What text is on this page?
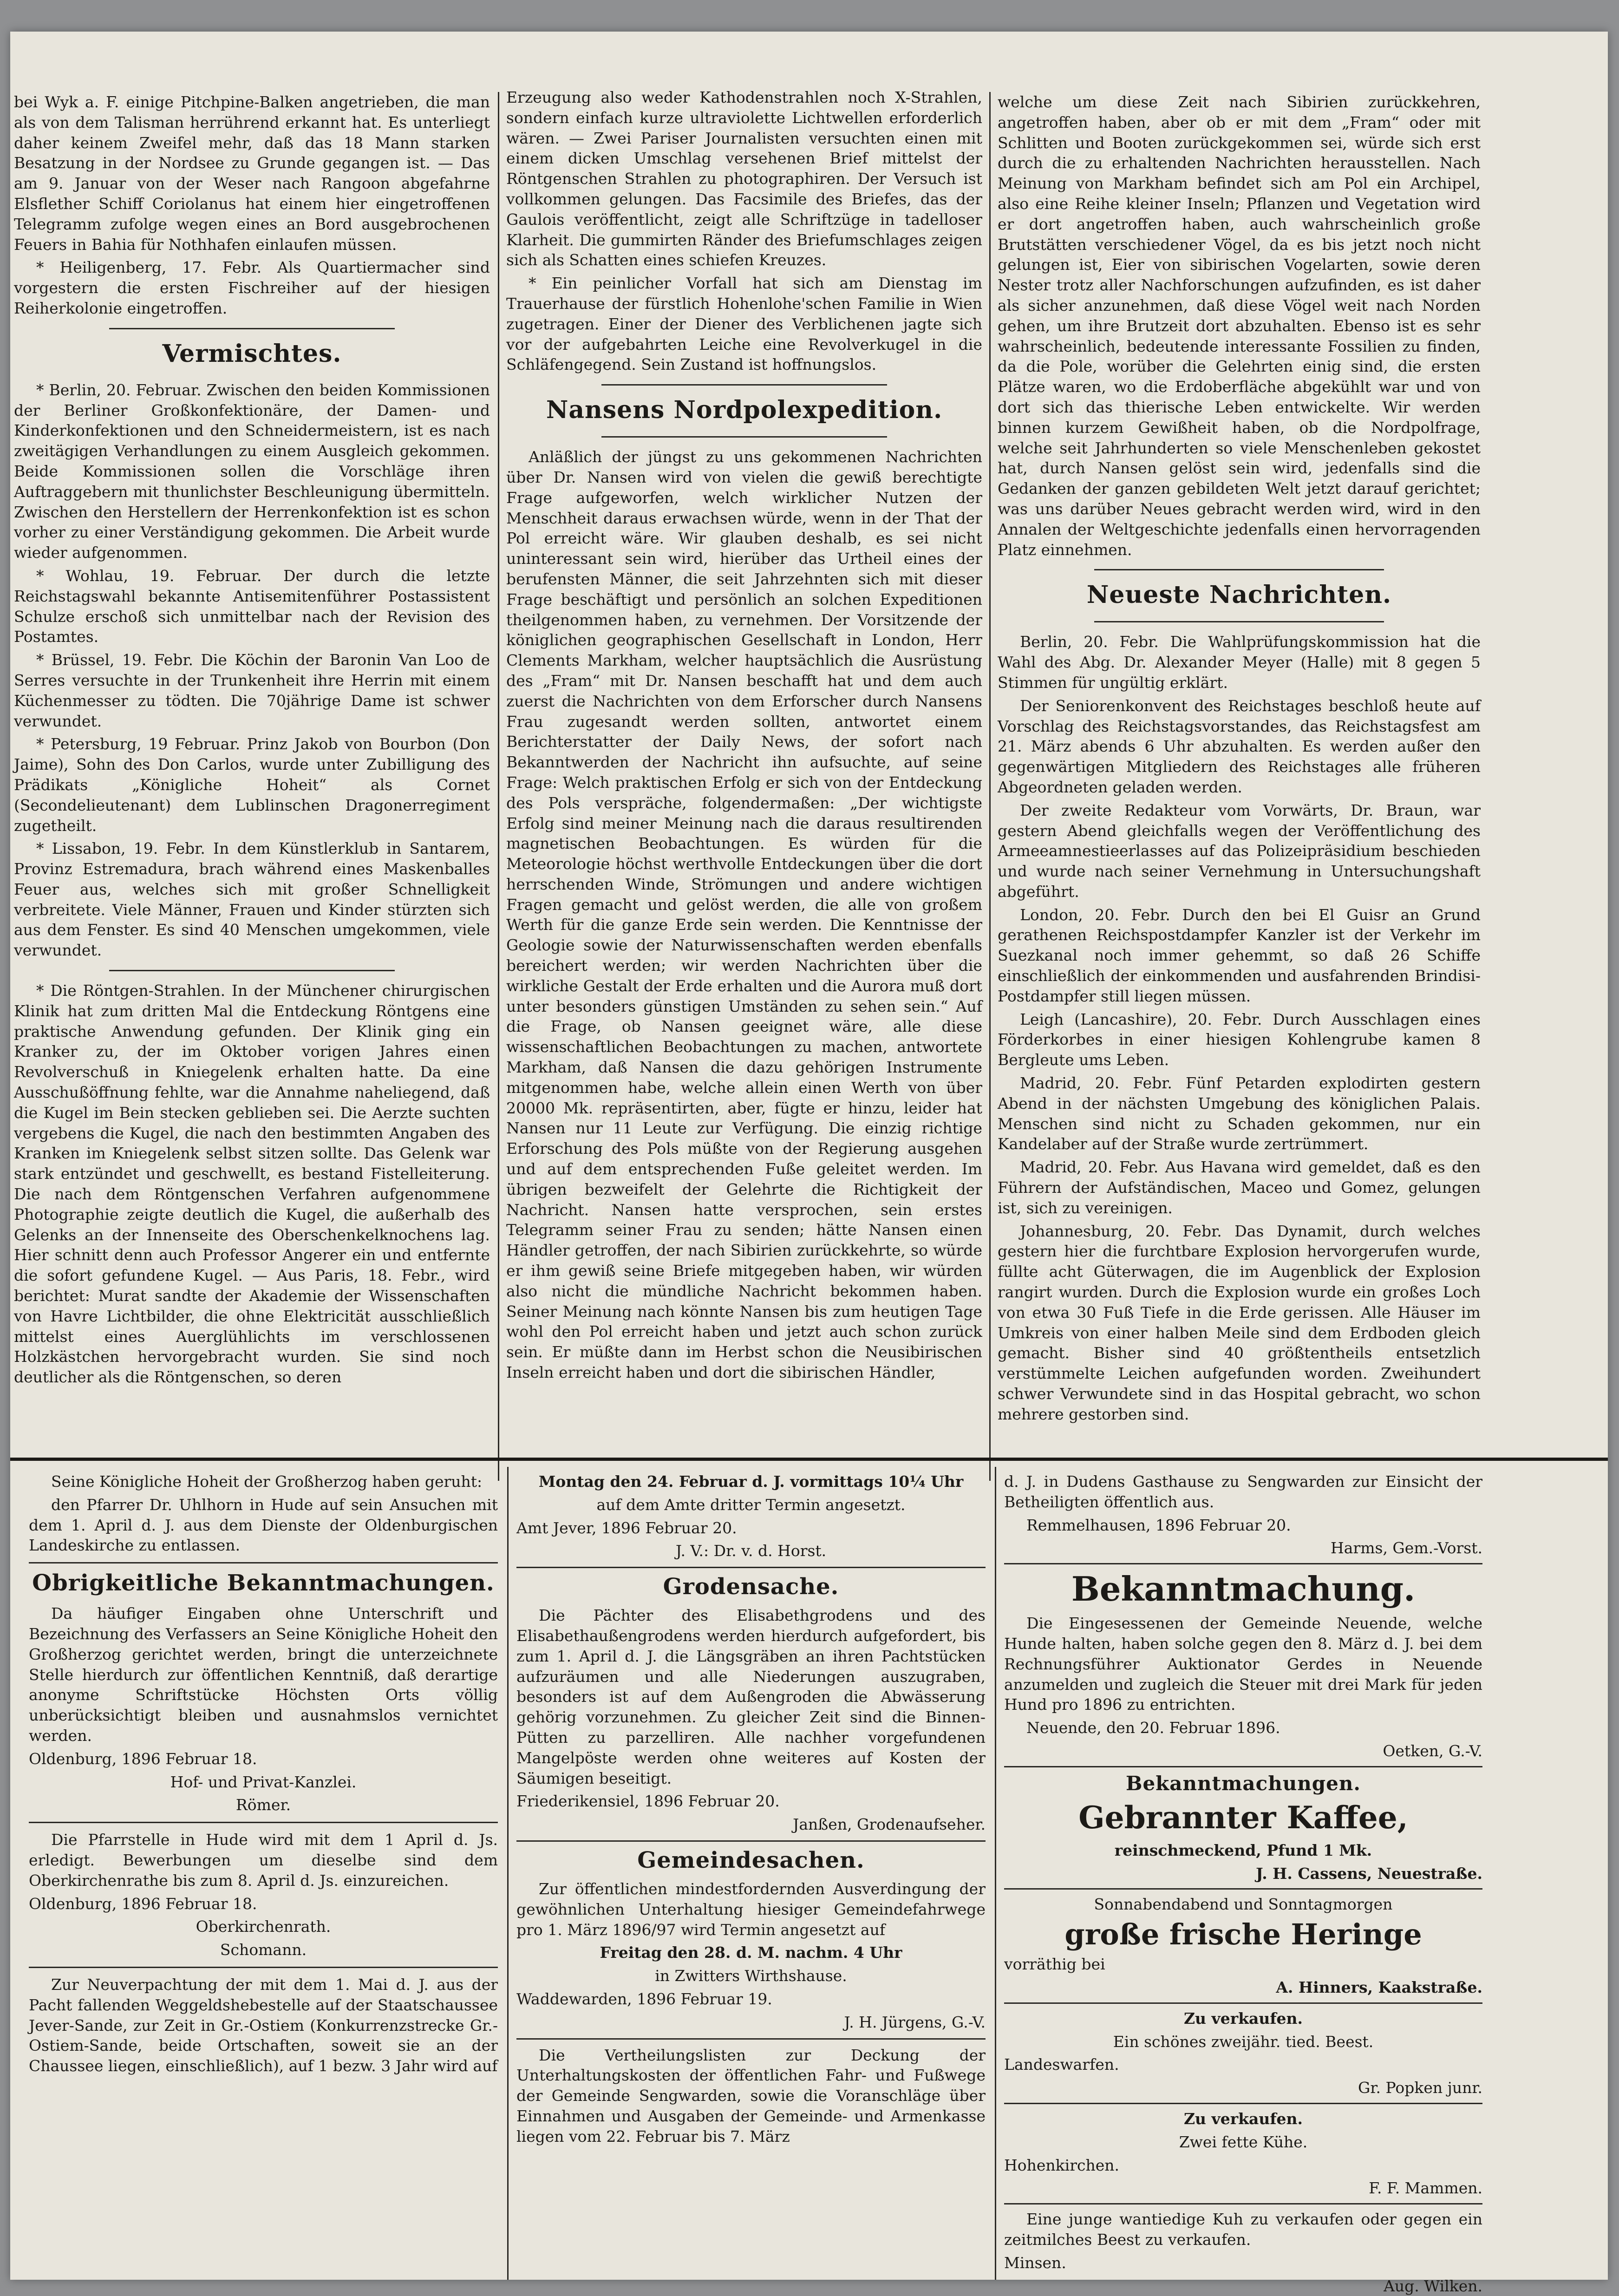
bei Wyk a. F. einige Pitchpine-Balken angetrieben, die man als von dem Talisman herrührend erkannt hat. Es unterliegt daher keinem Zweifel mehr, daß das 18 Mann starken Besatzung in der Nordsee zu Grunde gegangen ist. — Das am 9. Januar von der Weser nach Rangoon abgefahrne Elsflether Schiff Coriolanus hat einem hier eingetroffenen Telegramm zufolge wegen eines an Bord ausgebrochenen Feuers in Bahia für Nothhafen einlaufen müssen.

* Heiligenberg, 17. Febr. Als Quartiermacher sind vorgestern die ersten Fischreiher auf der hiesigen Reiherkolonie eingetroffen.

Vermischtes.

* Berlin, 20. Februar. Zwischen den beiden Kommissionen der Berliner Großkonfektionäre, der Damen- und Kinderkonfektionen und den Schneidermeistern, ist es nach zweitägigen Verhandlungen zu einem Ausgleich gekommen. Beide Kommissionen sollen die Vorschläge ihren Auftraggebern mit thunlichster Beschleunigung übermitteln. Zwischen den Herstellern der Herrenkonfektion ist es schon vorher zu einer Verständigung gekommen. Die Arbeit wurde wieder aufgenommen.

* Wohlau, 19. Februar. Der durch die letzte Reichstagswahl bekannte Antisemitenführer Postassistent Schulze erschoß sich unmittelbar nach der Revision des Postamtes.

* Brüssel, 19. Febr. Die Köchin der Baronin Van Loo de Serres versuchte in der Trunkenheit ihre Herrin mit einem Küchenmesser zu tödten. Die 70jährige Dame ist schwer verwundet.

* Petersburg, 19 Februar. Prinz Jakob von Bourbon (Don Jaime), Sohn des Don Carlos, wurde unter Zubilligung des Prädikats „Königliche Hoheit“ als Cornet (Secondelieutenant) dem Lublinschen Dragonerregiment zugetheilt.

* Lissabon, 19. Febr. In dem Künstlerklub in Santarem, Provinz Estremadura, brach während eines Maskenballes Feuer aus, welches sich mit großer Schnelligkeit verbreitete. Viele Männer, Frauen und Kinder stürzten sich aus dem Fenster. Es sind 40 Menschen umgekommen, viele verwundet.

* Die Röntgen-Strahlen. In der Münchener chirurgischen Klinik hat zum dritten Mal die Entdeckung Röntgens eine praktische Anwendung gefunden. Der Klinik ging ein Kranker zu, der im Oktober vorigen Jahres einen Revolverschuß in Kniegelenk erhalten hatte. Da eine Ausschußöffnung fehlte, war die Annahme naheliegend, daß die Kugel im Bein stecken geblieben sei. Die Aerzte suchten vergebens die Kugel, die nach den bestimmten Angaben des Kranken im Kniegelenk selbst sitzen sollte. Das Gelenk war stark entzündet und geschwellt, es bestand Fistelleiterung. Die nach dem Röntgenschen Verfahren aufgenommene Photographie zeigte deutlich die Kugel, die außerhalb des Gelenks an der Innenseite des Oberschenkelknochens lag. Hier schnitt denn auch Professor Angerer ein und entfernte die sofort gefundene Kugel. — Aus Paris, 18. Febr., wird berichtet: Murat sandte der Akademie der Wissenschaften von Havre Lichtbilder, die ohne Elektricität ausschließlich mittelst eines Auerglühlichts im verschlossenen Holzkästchen hervorgebracht wurden. Sie sind noch deutlicher als die Röntgenschen, so deren

Erzeugung also weder Kathodenstrahlen noch X-Strahlen, sondern einfach kurze ultraviolette Lichtwellen erforderlich wären. — Zwei Pariser Journalisten versuchten einen mit einem dicken Umschlag versehenen Brief mittelst der Röntgenschen Strahlen zu photographiren. Der Versuch ist vollkommen gelungen. Das Facsimile des Briefes, das der Gaulois veröffentlicht, zeigt alle Schriftzüge in tadelloser Klarheit. Die gummirten Ränder des Briefumschlages zeigen sich als Schatten eines schiefen Kreuzes.

* Ein peinlicher Vorfall hat sich am Dienstag im Trauerhause der fürstlich Hohenlohe'schen Familie in Wien zugetragen. Einer der Diener des Verblichenen jagte sich vor der aufgebahrten Leiche eine Revolverkugel in die Schläfengegend. Sein Zustand ist hoffnungslos.

Nansens Nordpolexpedition.

Anläßlich der jüngst zu uns gekommenen Nachrichten über Dr. Nansen wird von vielen die gewiß berechtigte Frage aufgeworfen, welch wirklicher Nutzen der Menschheit daraus erwachsen würde, wenn in der That der Pol erreicht wäre. Wir glauben deshalb, es sei nicht uninteressant sein wird, hierüber das Urtheil eines der berufensten Männer, die seit Jahrzehnten sich mit dieser Frage beschäftigt und persönlich an solchen Expeditionen theilgenommen haben, zu vernehmen. Der Vorsitzende der königlichen geographischen Gesellschaft in London, Herr Clements Markham, welcher hauptsächlich die Ausrüstung des „Fram“ mit Dr. Nansen beschafft hat und dem auch zuerst die Nachrichten von dem Erforscher durch Nansens Frau zugesandt werden sollten, antwortet einem Berichterstatter der Daily News, der sofort nach Bekanntwerden der Nachricht ihn aufsuchte, auf seine Frage: Welch praktischen Erfolg er sich von der Entdeckung des Pols verspräche, folgendermaßen: „Der wichtigste Erfolg sind meiner Meinung nach die daraus resultirenden magnetischen Beobachtungen. Es würden für die Meteorologie höchst werthvolle Entdeckungen über die dort herrschenden Winde, Strömungen und andere wichtigen Fragen gemacht und gelöst werden, die alle von großem Werth für die ganze Erde sein werden. Die Kenntnisse der Geologie sowie der Naturwissenschaften werden ebenfalls bereichert werden; wir werden Nachrichten über die wirkliche Gestalt der Erde erhalten und die Aurora muß dort unter besonders günstigen Umständen zu sehen sein.“ Auf die Frage, ob Nansen geeignet wäre, alle diese wissenschaftlichen Beobachtungen zu machen, antwortete Markham, daß Nansen die dazu gehörigen Instrumente mitgenommen habe, welche allein einen Werth von über 20000 Mk. repräsentirten, aber, fügte er hinzu, leider hat Nansen nur 11 Leute zur Verfügung. Die einzig richtige Erforschung des Pols müßte von der Regierung ausgehen und auf dem entsprechenden Fuße geleitet werden. Im übrigen bezweifelt der Gelehrte die Richtigkeit der Nachricht. Nansen hatte versprochen, sein erstes Telegramm seiner Frau zu senden; hätte Nansen einen Händler getroffen, der nach Sibirien zurückkehrte, so würde er ihm gewiß seine Briefe mitgegeben haben, wir würden also nicht die mündliche Nachricht bekommen haben. Seiner Meinung nach könnte Nansen bis zum heutigen Tage wohl den Pol erreicht haben und jetzt auch schon zurück sein. Er müßte dann im Herbst schon die Neusibirischen Inseln erreicht haben und dort die sibirischen Händler,

welche um diese Zeit nach Sibirien zurückkehren, angetroffen haben, aber ob er mit dem „Fram“ oder mit Schlitten und Booten zurückgekommen sei, würde sich erst durch die zu erhaltenden Nachrichten herausstellen. Nach Meinung von Markham befindet sich am Pol ein Archipel, also eine Reihe kleiner Inseln; Pflanzen und Vegetation wird er dort angetroffen haben, auch wahrscheinlich große Brutstätten verschiedener Vögel, da es bis jetzt noch nicht gelungen ist, Eier von sibirischen Vogelarten, sowie deren Nester trotz aller Nachforschungen aufzufinden, es ist daher als sicher anzunehmen, daß diese Vögel weit nach Norden gehen, um ihre Brutzeit dort abzuhalten. Ebenso ist es sehr wahrscheinlich, bedeutende interessante Fossilien zu finden, da die Pole, worüber die Gelehrten einig sind, die ersten Plätze waren, wo die Erdoberfläche abgekühlt war und von dort sich das thierische Leben entwickelte. Wir werden binnen kurzem Gewißheit haben, ob die Nordpolfrage, welche seit Jahrhunderten so viele Menschenleben gekostet hat, durch Nansen gelöst sein wird, jedenfalls sind die Gedanken der ganzen gebildeten Welt jetzt darauf gerichtet; was uns darüber Neues gebracht werden wird, wird in den Annalen der Weltgeschichte jedenfalls einen hervorragenden Platz einnehmen.

Neueste Nachrichten.

Berlin, 20. Febr. Die Wahlprüfungskommission hat die Wahl des Abg. Dr. Alexander Meyer (Halle) mit 8 gegen 5 Stimmen für ungültig erklärt.

Der Seniorenkonvent des Reichstages beschloß heute auf Vorschlag des Reichstagsvorstandes, das Reichstagsfest am 21. März abends 6 Uhr abzuhalten. Es werden außer den gegenwärtigen Mitgliedern des Reichstages alle früheren Abgeordneten geladen werden.

Der zweite Redakteur vom Vorwärts, Dr. Braun, war gestern Abend gleichfalls wegen der Veröffentlichung des Armeeamnestieerlasses auf das Polizeipräsidium beschieden und wurde nach seiner Vernehmung in Untersuchungshaft abgeführt.

London, 20. Febr. Durch den bei El Guisr an Grund gerathenen Reichspostdampfer Kanzler ist der Verkehr im Suezkanal noch immer gehemmt, so daß 26 Schiffe einschließlich der einkommenden und ausfahrenden Brindisi-Postdampfer still liegen müssen.

Leigh (Lancashire), 20. Febr. Durch Ausschlagen eines Förderkorbes in einer hiesigen Kohlengrube kamen 8 Bergleute ums Leben.

Madrid, 20. Febr. Fünf Petarden explodirten gestern Abend in der nächsten Umgebung des königlichen Palais. Menschen sind nicht zu Schaden gekommen, nur ein Kandelaber auf der Straße wurde zertrümmert.

Madrid, 20. Febr. Aus Havana wird gemeldet, daß es den Führern der Aufständischen, Maceo und Gomez, gelungen ist, sich zu vereinigen.

Johannesburg, 20. Febr. Das Dynamit, durch welches gestern hier die furchtbare Explosion hervorgerufen wurde, füllte acht Güterwagen, die im Augenblick der Explosion rangirt wurden. Durch die Explosion wurde ein großes Loch von etwa 30 Fuß Tiefe in die Erde gerissen. Alle Häuser im Umkreis von einer halben Meile sind dem Erdboden gleich gemacht. Bisher sind 40 größtentheils entsetzlich verstümmelte Leichen aufgefunden worden. Zweihundert schwer Verwundete sind in das Hospital gebracht, wo schon mehrere gestorben sind.

Seine Königliche Hoheit der Großherzog haben geruht:

den Pfarrer Dr. Uhlhorn in Hude auf sein Ansuchen mit dem 1. April d. J. aus dem Dienste der Oldenburgischen Landeskirche zu entlassen.

Obrigkeitliche Bekanntmachungen.

Da häufiger Eingaben ohne Unterschrift und Bezeichnung des Verfassers an Seine Königliche Hoheit den Großherzog gerichtet werden, bringt die unterzeichnete Stelle hierdurch zur öffentlichen Kenntniß, daß derartige anonyme Schriftstücke Höchsten Orts völlig unberücksichtigt bleiben und ausnahmslos vernichtet werden.

Oldenburg, 1896 Februar 18.

Hof- und Privat-Kanzlei.

Römer.

Die Pfarrstelle in Hude wird mit dem 1 April d. Js. erledigt. Bewerbungen um dieselbe sind dem Oberkirchenrathe bis zum 8. April d. Js. einzureichen.

Oldenburg, 1896 Februar 18.

Oberkirchenrath.

Schomann.

Zur Neuverpachtung der mit dem 1. Mai d. J. aus der Pacht fallenden Weggeldshebestelle auf der Staatschaussee Jever-Sande, zur Zeit in Gr.-Ostiem (Konkurrenzstrecke Gr.-Ostiem-Sande, beide Ortschaften, soweit sie an der Chaussee liegen, einschließlich), auf 1 bezw. 3 Jahr wird auf

Montag den 24. Februar d. J. vormittags 10¼ Uhr

auf dem Amte dritter Termin angesetzt.

Amt Jever, 1896 Februar 20.

J. V.: Dr. v. d. Horst.

Grodensache.

Die Pächter des Elisabethgrodens und des Elisabethaußengrodens werden hierdurch aufgefordert, bis zum 1. April d. J. die Längsgräben an ihren Pachtstücken aufzuräumen und alle Niederungen auszugraben, besonders ist auf dem Außengroden die Abwässerung gehörig vorzunehmen. Zu gleicher Zeit sind die Binnen-Pütten zu parzelliren. Alle nachher vorgefundenen Mangelpöste werden ohne weiteres auf Kosten der Säumigen beseitigt.

Friederikensiel, 1896 Februar 20.

Janßen, Grodenaufseher.

Gemeindesachen.

Zur öffentlichen mindestfordernden Ausverdingung der gewöhnlichen Unterhaltung hiesiger Gemeindefahrwege pro 1. März 1896/97 wird Termin angesetzt auf

Freitag den 28. d. M. nachm. 4 Uhr

in Zwitters Wirthshause.

Waddewarden, 1896 Februar 19.

J. H. Jürgens, G.-V.

Die Vertheilungslisten zur Deckung der Unterhaltungskosten der öffentlichen Fahr- und Fußwege der Gemeinde Sengwarden, sowie die Voranschläge über Einnahmen und Ausgaben der Gemeinde- und Armenkasse liegen vom 22. Februar bis 7. März

d. J. in Dudens Gasthause zu Sengwarden zur Einsicht der Betheiligten öffentlich aus.

Remmelhausen, 1896 Februar 20.

Harms, Gem.-Vorst.

Bekanntmachung.

Die Eingesessenen der Gemeinde Neuende, welche Hunde halten, haben solche gegen den 8. März d. J. bei dem Rechnungsführer Auktionator Gerdes in Neuende anzumelden und zugleich die Steuer mit drei Mark für jeden Hund pro 1896 zu entrichten.

Neuende, den 20. Februar 1896.

Oetken, G.-V.

Bekanntmachungen.
Gebrannter Kaffee,

reinschmeckend, Pfund 1 Mk.

J. H. Cassens, Neuestraße.

Sonnabendabend und Sonntagmorgen

große frische Heringe

vorräthig bei

A. Hinners, Kaakstraße.

Zu verkaufen.

Ein schönes zweijähr. tied. Beest.

Landeswarfen.

Gr. Popken junr.

Zu verkaufen.

Zwei fette Kühe.

Hohenkirchen.

F. F. Mammen.

Eine junge wantiedige Kuh zu verkaufen oder gegen ein zeitmilches Beest zu verkaufen.

Minsen.

Aug. Wilken.
